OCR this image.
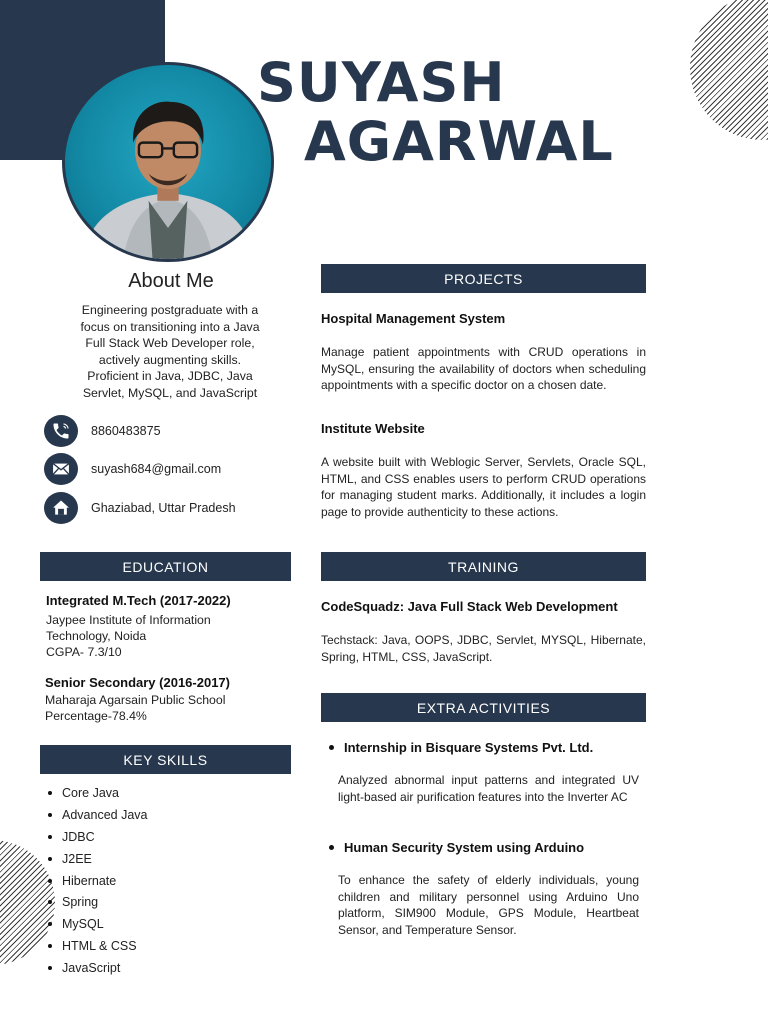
SUYASH
AGARWAL
About Me
Engineering postgraduate with a
focus on transitioning into a Java
Full Stack Web Developer role,
actively augmenting skills.
Proficient in Java, JDBC, Java
Servlet, MySQL, and JavaScript
8860483875
suyash684@gmail.com
Ghaziabad, Uttar Pradesh
EDUCATION
Integrated M.Tech (2017-2022)
Jaypee Institute of Information
Technology, Noida
CGPA- 7.3/10
Senior Secondary (2016-2017)
Maharaja Agarsain Public School
Percentage-78.4%
KEY SKILLS
Core Java
Advanced Java
JDBC
J2EE
Hibernate
Spring
MySQL
HTML & CSS
JavaScript
PROJECTS
Hospital Management System
Manage patient appointments with CRUD operations in MySQL, ensuring the availability of doctors when scheduling appointments with a specific doctor on a chosen date.
Institute Website
A website built with Weblogic Server, Servlets, Oracle SQL, HTML, and CSS enables users to perform CRUD operations for managing student marks. Additionally, it includes a login page to provide authenticity to these actions.
TRAINING
CodeSquadz: Java Full Stack Web Development
Techstack: Java, OOPS, JDBC, Servlet, MYSQL, Hibernate, Spring, HTML, CSS, JavaScript.
EXTRA ACTIVITIES
Internship in Bisquare Systems Pvt. Ltd.
Analyzed abnormal input patterns and integrated UV light-based air purification features into the Inverter AC
Human Security System using Arduino
To enhance the safety of elderly individuals, young children and military personnel using Arduino Uno platform, SIM900 Module, GPS Module, Heartbeat Sensor, and Temperature Sensor.
